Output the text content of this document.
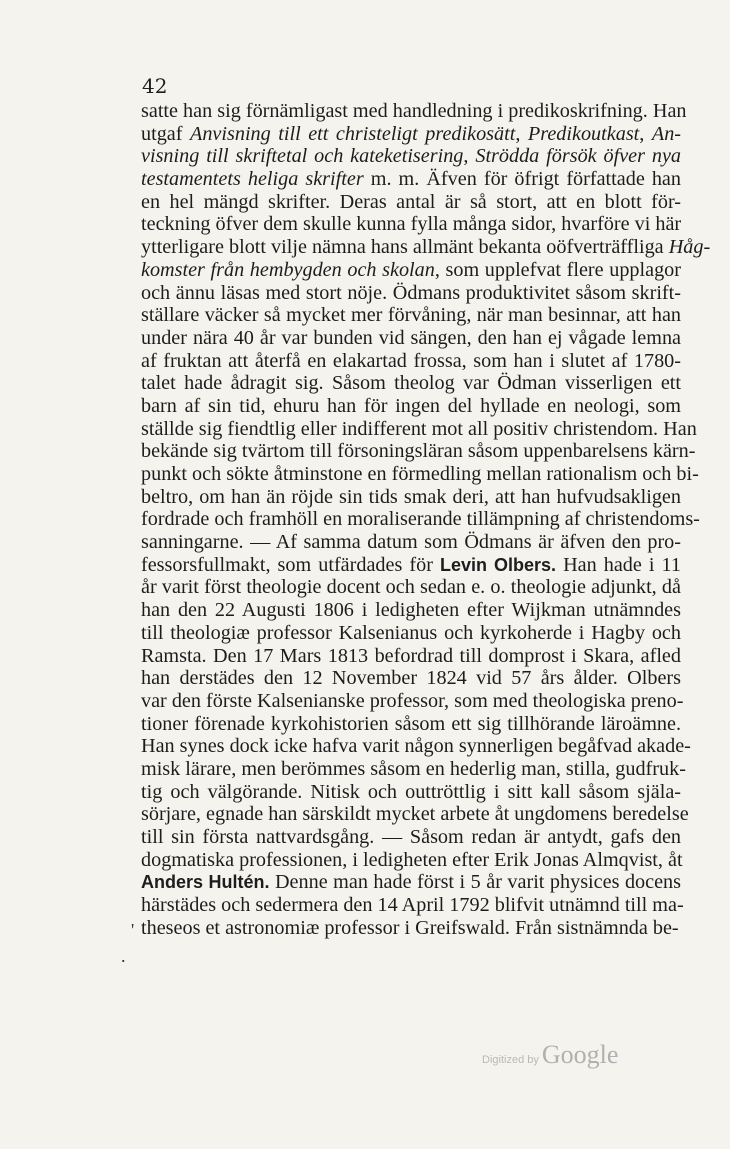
42
satte han sig förnämligast med handledning i predikoskrifning. Han
utgaf Anvisning till ett christeligt predikosätt, Predikoutkast, An-
visning till skriftetal och kateketisering, Strödda försök öfver nya
testamentets heliga skrifter m. m. Äfven för öfrigt författade han
en hel mängd skrifter. Deras antal är så stort, att en blott för-
teckning öfver dem skulle kunna fylla många sidor, hvarföre vi här
ytterligare blott vilje nämna hans allmänt bekanta oöfverträffliga Håg-
komster från hembygden och skolan, som upplefvat flere upplagor
och ännu läsas med stort nöje. Ödmans produktivitet såsom skrift-
ställare väcker så mycket mer förvåning, när man besinnar, att han
under nära 40 år var bunden vid sängen, den han ej vågade lemna
af fruktan att återfå en elakartad frossa, som han i slutet af 1780-
talet hade ådragit sig. Såsom theolog var Ödman visserligen ett
barn af sin tid, ehuru han för ingen del hyllade en neologi, som
ställde sig fiendtlig eller indifferent mot all positiv christendom. Han
bekände sig tvärtom till försoningsläran såsom uppenbarelsens kärn-
punkt och sökte åtminstone en förmedling mellan rationalism och bi-
beltro, om han än röjde sin tids smak deri, att han hufvudsakligen
fordrade och framhöll en moraliserande tillämpning af christendoms-
sanningarne. — Af samma datum som Ödmans är äfven den pro-
fessorsfullmakt, som utfärdades för Levin Olbers. Han hade i 11
år varit först theologie docent och sedan e. o. theologie adjunkt, då
han den 22 Augusti 1806 i ledigheten efter Wijkman utnämndes
till theologiæ professor Kalsenianus och kyrkoherde i Hagby och
Ramsta. Den 17 Mars 1813 befordrad till domprost i Skara, afled
han derstädes den 12 November 1824 vid 57 års ålder. Olbers
var den förste Kalsenianske professor, som med theologiska preno-
tioner förenade kyrkohistorien såsom ett sig tillhörande läroämne.
Han synes dock icke hafva varit någon synnerligen begåfvad akade-
misk lärare, men berömmes såsom en hederlig man, stilla, gudfruk-
tig och välgörande. Nitisk och outtröttlig i sitt kall såsom själa-
sörjare, egnade han särskildt mycket arbete åt ungdomens beredelse
till sin första nattvardsgång. — Såsom redan är antydt, gafs den
dogmatiska professionen, i ledigheten efter Erik Jonas Almqvist, åt
Anders Hultén. Denne man hade först i 5 år varit physices docens
härstädes och sedermera den 14 April 1792 blifvit utnämnd till ma-
theseos et astronomiæ professor i Greifswald. Från sistnämnda be-
'
.
Digitized by Google
